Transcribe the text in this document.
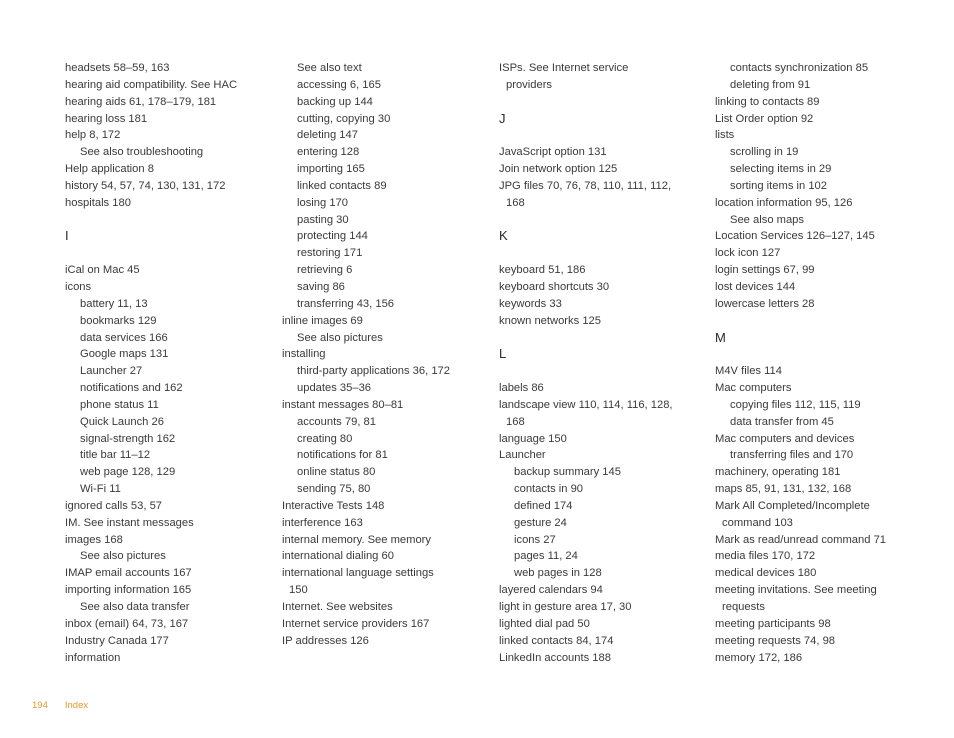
headsets 58–59, 163
hearing aid compatibility. See HAC
hearing aids 61, 178–179, 181
hearing loss 181
help 8, 172
See also troubleshooting
Help application 8
history 54, 57, 74, 130, 131, 172
hospitals 180
I
iCal on Mac 45
icons
battery 11, 13
bookmarks 129
data services 166
Google maps 131
Launcher 27
notifications and 162
phone status 11
Quick Launch 26
signal-strength 162
title bar 11–12
web page 128, 129
Wi-Fi 11
ignored calls 53, 57
IM. See instant messages
images 168
See also pictures
IMAP email accounts 167
importing information 165
See also data transfer
inbox (email) 64, 73, 167
Industry Canada 177
information
See also text
accessing 6, 165
backing up 144
cutting, copying 30
deleting 147
entering 128
importing 165
linked contacts 89
losing 170
pasting 30
protecting 144
restoring 171
retrieving 6
saving 86
transferring 43, 156
inline images 69
See also pictures
installing
third-party applications 36, 172
updates 35–36
instant messages 80–81
accounts 79, 81
creating 80
notifications for 81
online status 80
sending 75, 80
Interactive Tests 148
interference 163
internal memory. See memory
international dialing 60
international language settings
150
Internet. See websites
Internet service providers 167
IP addresses 126
ISPs. See Internet service
providers
J
JavaScript option 131
Join network option 125
JPG files 70, 76, 78, 110, 111, 112,
168
K
keyboard 51, 186
keyboard shortcuts 30
keywords 33
known networks 125
L
labels 86
landscape view 110, 114, 116, 128,
168
language 150
Launcher
backup summary 145
contacts in 90
defined 174
gesture 24
icons 27
pages 11, 24
web pages in 128
layered calendars 94
light in gesture area 17, 30
lighted dial pad 50
linked contacts 84, 174
LinkedIn accounts 188
contacts synchronization 85
deleting from 91
linking to contacts 89
List Order option 92
lists
scrolling in 19
selecting items in 29
sorting items in 102
location information 95, 126
See also maps
Location Services 126–127, 145
lock icon 127
login settings 67, 99
lost devices 144
lowercase letters 28
M
M4V files 114
Mac computers
copying files 112, 115, 119
data transfer from 45
Mac computers and devices
transferring files and 170
machinery, operating 181
maps 85, 91, 131, 132, 168
Mark All Completed/Incomplete
command 103
Mark as read/unread command 71
media files 170, 172
medical devices 180
meeting invitations. See meeting
requests
meeting participants 98
meeting requests 74, 98
memory 172, 186
194 Index
